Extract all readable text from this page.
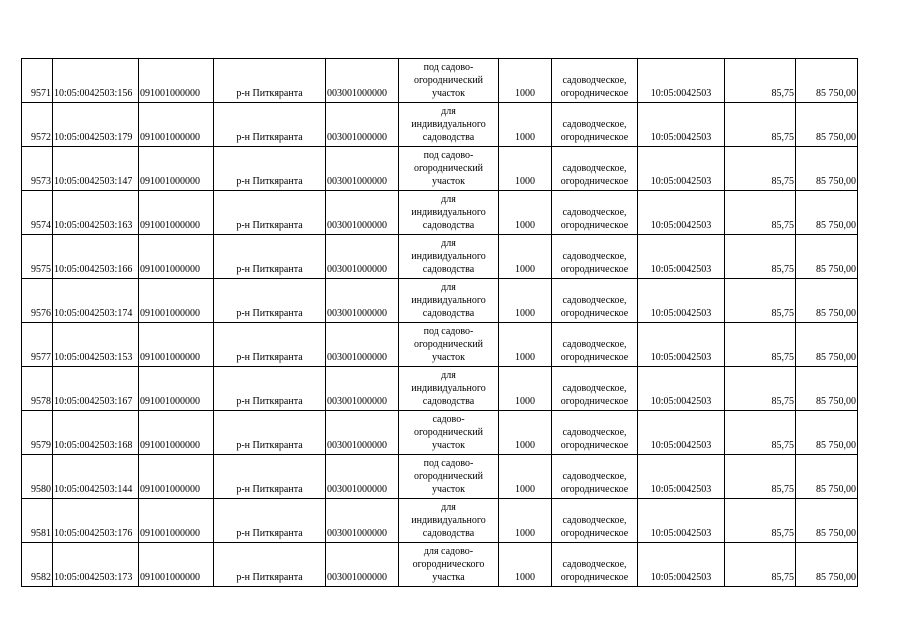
9571	10:05:0042503:156	091001000000	р-н Питкяранта	003001000000	под садово-
огороднический
участок	1000	садоводческое,
огородническое	10:05:0042503	85,75	85 750,00
9572	10:05:0042503:179	091001000000	р-н Питкяранта	003001000000	для
индивидуального
садоводства	1000	садоводческое,
огородническое	10:05:0042503	85,75	85 750,00
9573	10:05:0042503:147	091001000000	р-н Питкяранта	003001000000	под садово-
огороднический
участок	1000	садоводческое,
огородническое	10:05:0042503	85,75	85 750,00
9574	10:05:0042503:163	091001000000	р-н Питкяранта	003001000000	для
индивидуального
садоводства	1000	садоводческое,
огородническое	10:05:0042503	85,75	85 750,00
9575	10:05:0042503:166	091001000000	р-н Питкяранта	003001000000	для
индивидуального
садоводства	1000	садоводческое,
огородническое	10:05:0042503	85,75	85 750,00
9576	10:05:0042503:174	091001000000	р-н Питкяранта	003001000000	для
индивидуального
садоводства	1000	садоводческое,
огородническое	10:05:0042503	85,75	85 750,00
9577	10:05:0042503:153	091001000000	р-н Питкяранта	003001000000	под садово-
огороднический
участок	1000	садоводческое,
огородническое	10:05:0042503	85,75	85 750,00
9578	10:05:0042503:167	091001000000	р-н Питкяранта	003001000000	для
индивидуального
садоводства	1000	садоводческое,
огородническое	10:05:0042503	85,75	85 750,00
9579	10:05:0042503:168	091001000000	р-н Питкяранта	003001000000	садово-
огороднический
участок	1000	садоводческое,
огородническое	10:05:0042503	85,75	85 750,00
9580	10:05:0042503:144	091001000000	р-н Питкяранта	003001000000	под садово-
огороднический
участок	1000	садоводческое,
огородническое	10:05:0042503	85,75	85 750,00
9581	10:05:0042503:176	091001000000	р-н Питкяранта	003001000000	для
индивидуального
садоводства	1000	садоводческое,
огородническое	10:05:0042503	85,75	85 750,00
9582	10:05:0042503:173	091001000000	р-н Питкяранта	003001000000	для садово-
огороднического
участка	1000	садоводческое,
огородническое	10:05:0042503	85,75	85 750,00
